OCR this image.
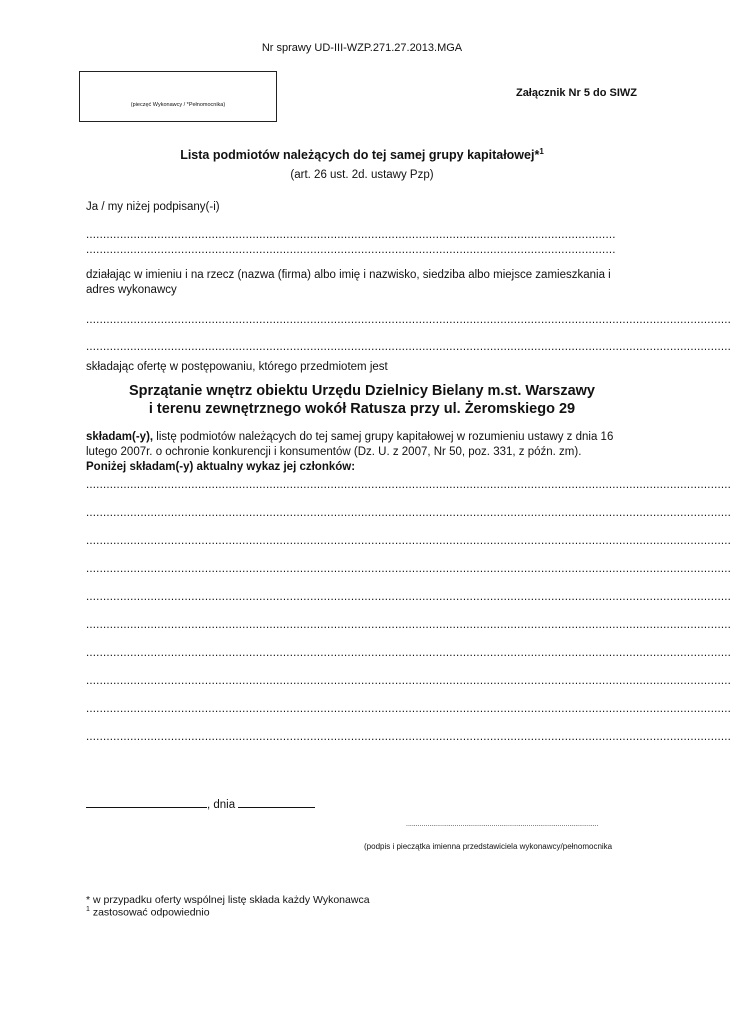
Nr sprawy UD-III-WZP.271.27.2013.MGA
(pieczęć Wykonawcy / *Pełnomocnika)
Załącznik Nr 5 do SIWZ
Lista podmiotów należących do tej samej grupy kapitałowej*$^1$
(art. 26 ust. 2d. ustawy Pzp)
Ja / my niżej podpisany(-i)
............................................................................................................................................................
............................................................................................................................................................
działając w imieniu i na rzecz (nazwa (firma) albo imię i nazwisko, siedziba albo miejsce zamieszkania i adres wykonawcy
..............................................................................................................................................................................................
..............................................................................................................................................................................................
składając ofertę w postępowaniu, którego przedmiotem jest
Sprzątanie wnętrz obiektu Urzędu Dzielnicy Bielany m.st. Warszawy
i terenu zewnętrznego wokół Ratusza przy ul. Żeromskiego 29
składam(-y), listę podmiotów należących do tej samej grupy kapitałowej w rozumieniu ustawy z dnia 16 lutego 2007r. o ochronie konkurencji i konsumentów (Dz. U. z 2007, Nr 50, poz. 331, z późn. zm).
Poniżej składam(-y) aktualny wykaz jej członków:
..............................................................................................................................................................................................
..............................................................................................................................................................................................
..............................................................................................................................................................................................
..............................................................................................................................................................................................
..............................................................................................................................................................................................
..............................................................................................................................................................................................
..............................................................................................................................................................................................
..............................................................................................................................................................................................
..............................................................................................................................................................................................
..............................................................................................................................................................................................
, dnia
...................................................................................................
(podpis i pieczątka imienna przedstawiciela wykonawcy/pełnomocnika
* w przypadku oferty wspólnej listę składa każdy Wykonawca
$^1$ zastosować odpowiednio
